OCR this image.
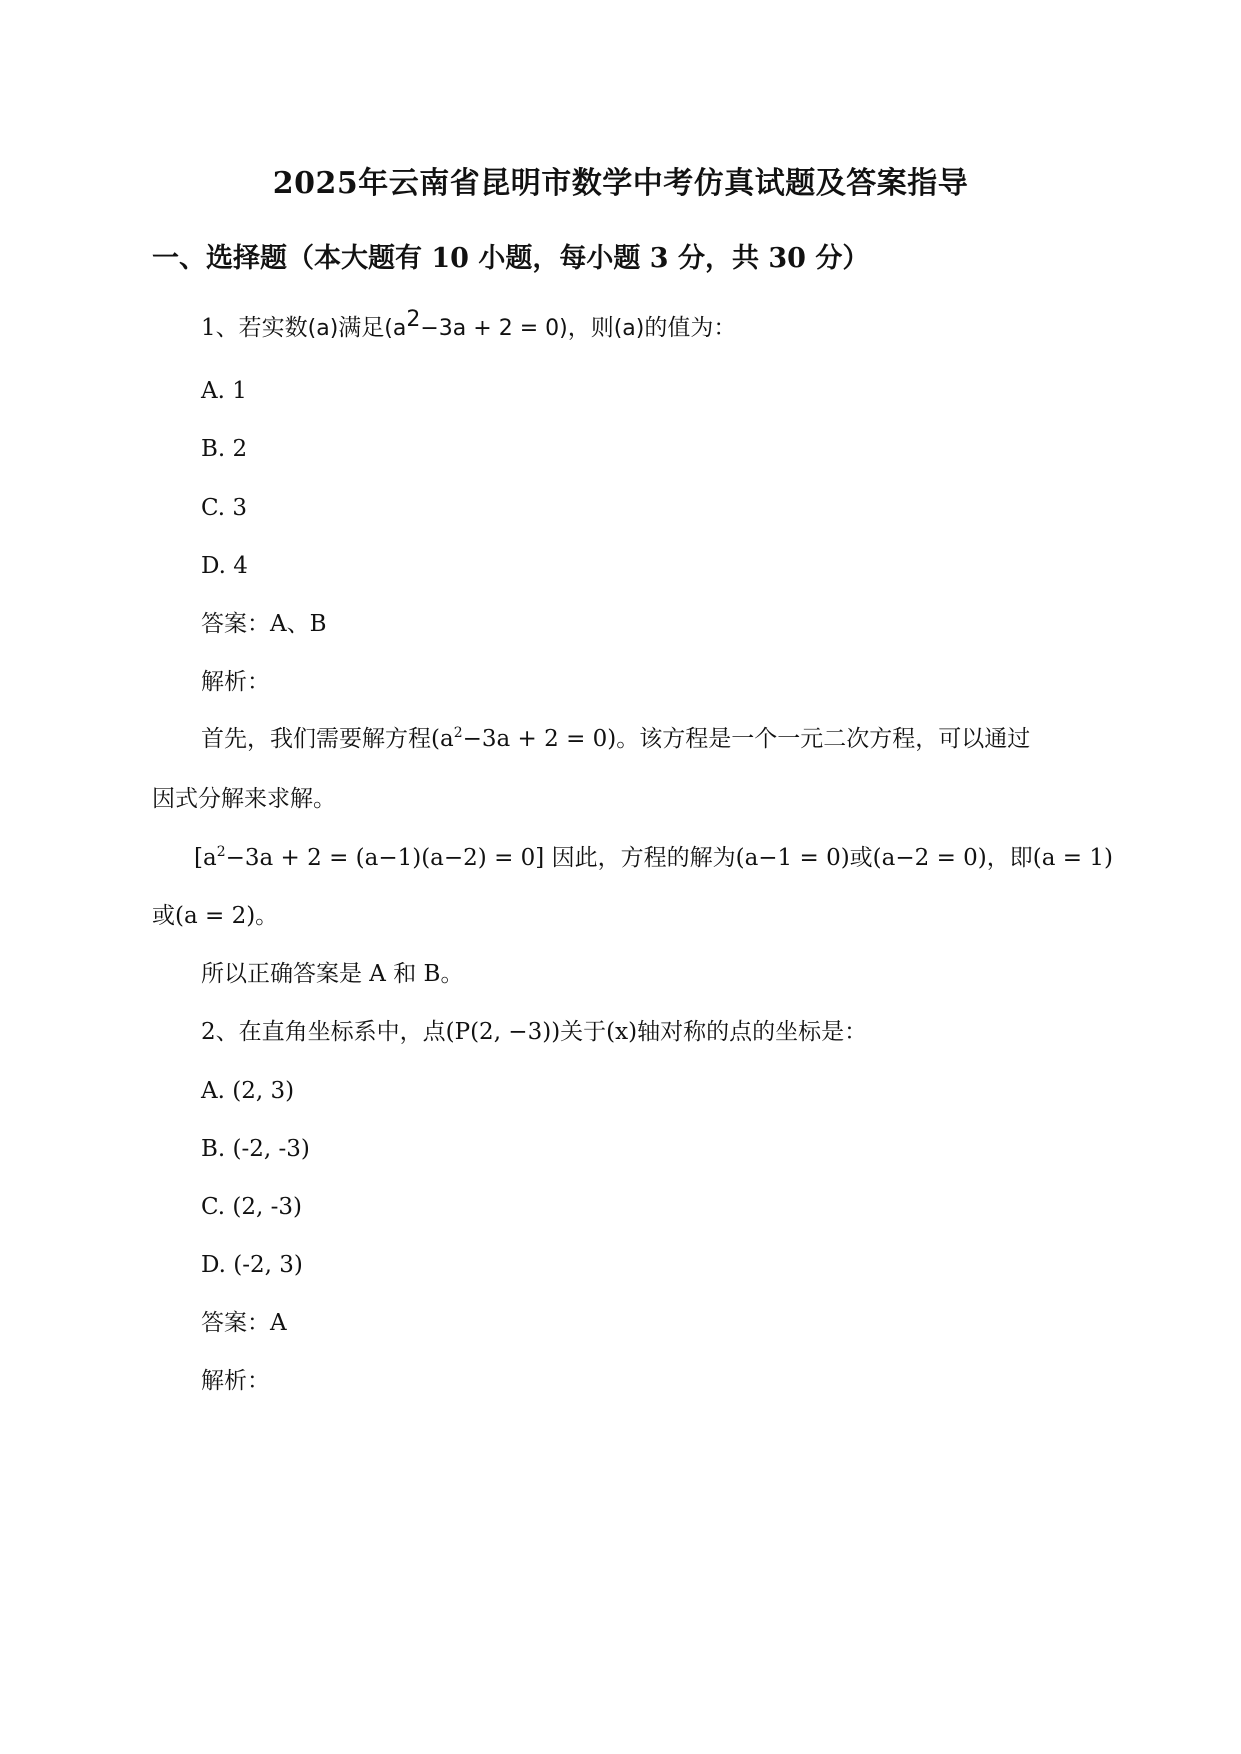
2025年云南省昆明市数学中考仿真试题及答案指导
一、选择题（本大题有 10 小题，每小题 3 分，共 30 分）
1、若实数(a)满足$(a^2-3a + 2 = 0)$，则(a)的值为：
A. 1
B. 2
C. 3
D. 4
答案：A、B
解析：
首先，我们需要解方程$(a^2-3a + 2 = 0)$。该方程是一个一元二次方程，可以通过
因式分解来求解。
$[a^2-3a + 2 = (a-1)(a-2) = 0]$ 因此，方程的解为(a−1 = 0)或(a−2 = 0)，即(a = 1)
或(a = 2)。
所以正确答案是 A 和 B。
2、在直角坐标系中，点(P(2, −3))关于(x)轴对称的点的坐标是：
A. (2, 3)
B. (-2, -3)
C. (2, -3)
D. (-2, 3)
答案：A
解析：
